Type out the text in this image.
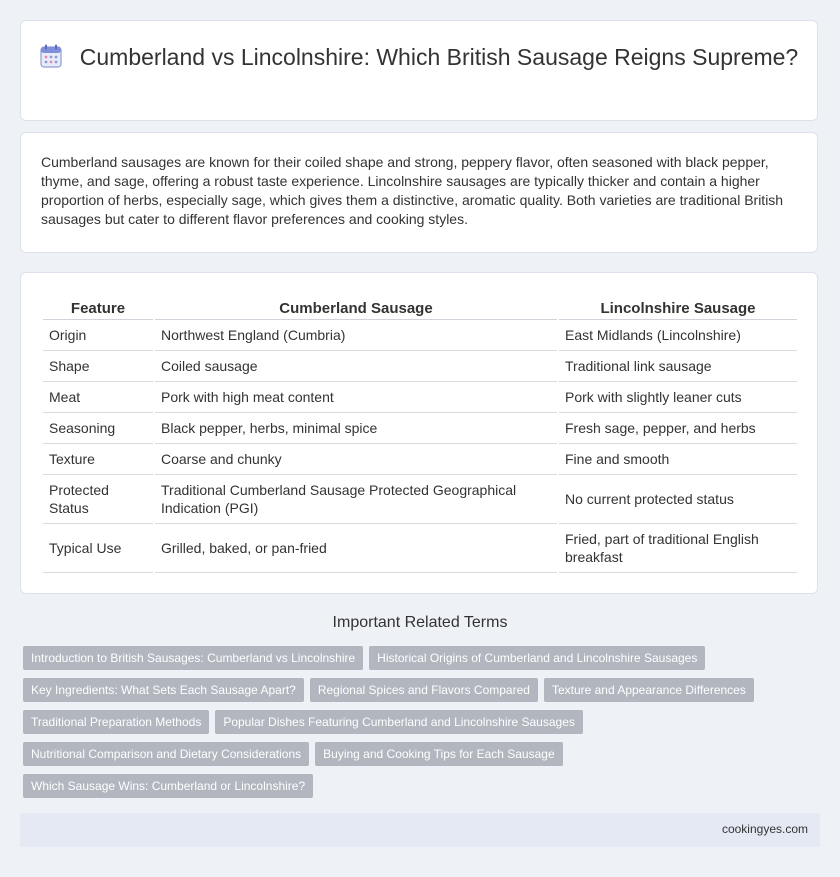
Cumberland vs Lincolnshire: Which British Sausage Reigns Supreme?

Cumberland sausages are known for their coiled shape and strong, peppery flavor, often seasoned with black pepper, thyme, and sage, offering a robust taste experience. Lincolnshire sausages are typically thicker and contain a higher proportion of herbs, especially sage, which gives them a distinctive, aromatic quality. Both varieties are traditional British sausages but cater to different flavor preferences and cooking styles.

Feature	Cumberland Sausage	Lincolnshire Sausage
Origin	Northwest England (Cumbria)	East Midlands (Lincolnshire)
Shape	Coiled sausage	Traditional link sausage
Meat	Pork with high meat content	Pork with slightly leaner cuts
Seasoning	Black pepper, herbs, minimal spice	Fresh sage, pepper, and herbs
Texture	Coarse and chunky	Fine and smooth
Protected Status	Traditional Cumberland Sausage Protected Geographical Indication (PGI)	No current protected status
Typical Use	Grilled, baked, or pan-fried	Fried, part of traditional English breakfast
Important Related Terms
Introduction to British Sausages: Cumberland vs Lincolnshire Historical Origins of Cumberland and Lincolnshire Sausages
Key Ingredients: What Sets Each Sausage Apart? Regional Spices and Flavors Compared Texture and Appearance Differences
Traditional Preparation Methods Popular Dishes Featuring Cumberland and Lincolnshire Sausages
Nutritional Comparison and Dietary Considerations Buying and Cooking Tips for Each Sausage
Which Sausage Wins: Cumberland or Lincolnshire?
cookingyes.com
